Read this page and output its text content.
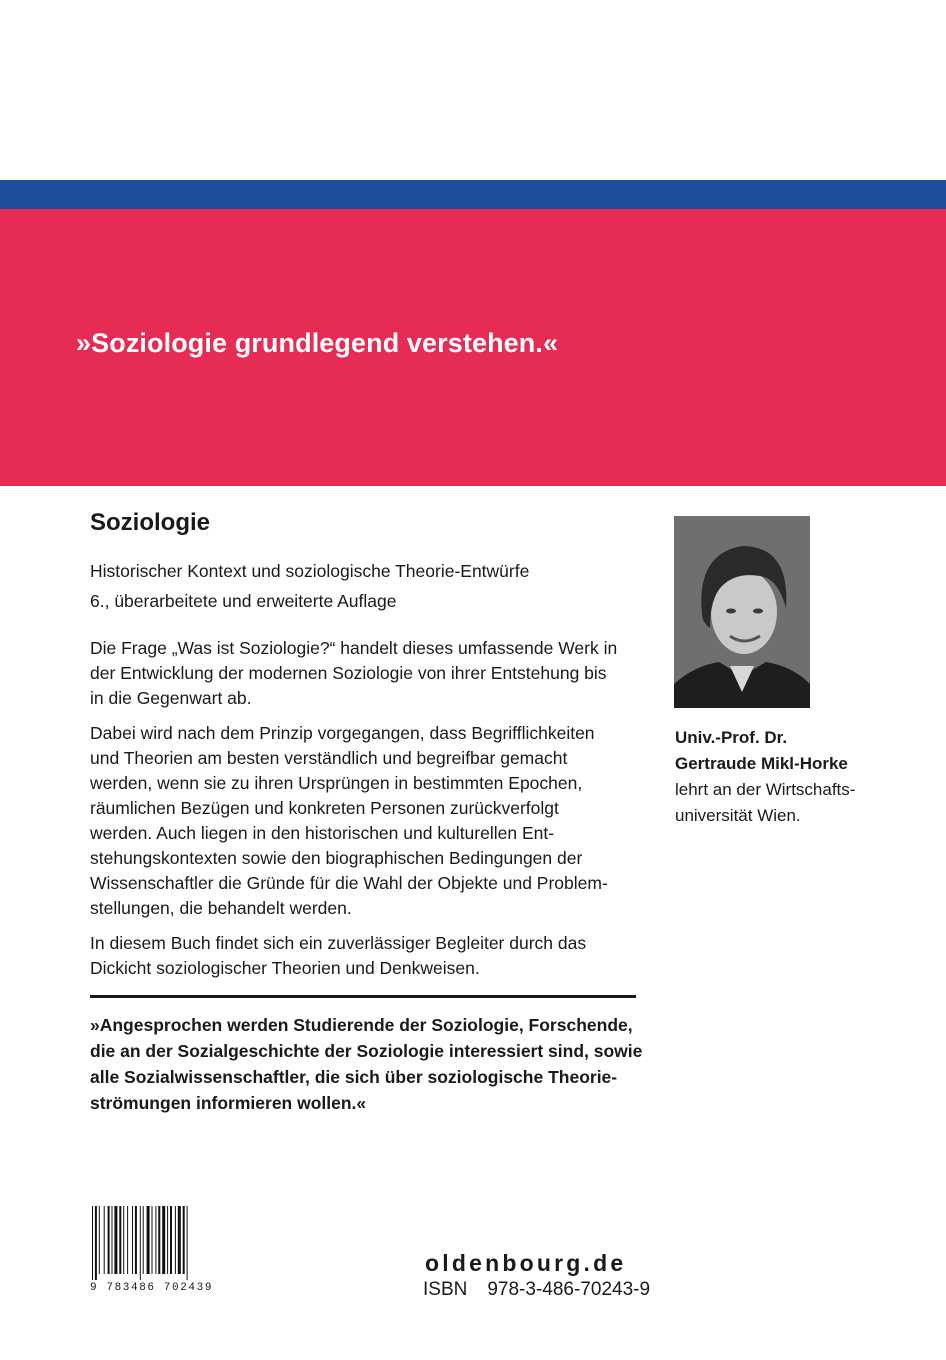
»Soziologie grundlegend verstehen.«
Soziologie
Historischer Kontext und soziologische Theorie-Entwürfe
6., überarbeitete und erweiterte Auflage

Die Frage „Was ist Soziologie?“ handelt dieses umfassende Werk in
der Entwicklung der modernen Soziologie von ihrer Entstehung bis
in die Gegenwart ab.

Dabei wird nach dem Prinzip vorgegangen, dass Begrifflichkeiten
und Theorien am besten verständlich und begreifbar gemacht
werden, wenn sie zu ihren Ursprüngen in bestimmten Epochen,
räumlichen Bezügen und konkreten Personen zurückverfolgt
werden. Auch liegen in den historischen und kulturellen Ent-
stehungskontexten sowie den biographischen Bedingungen der
Wissenschaftler die Gründe für die Wahl der Objekte und Problem-
stellungen, die behandelt werden.

In diesem Buch findet sich ein zuverlässiger Begleiter durch das
Dickicht soziologischer Theorien und Denkweisen.

»Angesprochen werden Studierende der Soziologie, Forschende,
die an der Sozialgeschichte der Soziologie interessiert sind, sowie
alle Sozialwissenschaftler, die sich über soziologische Theorie-
strömungen informieren wollen.«
Univ.-Prof. Dr.
Gertraude Mikl-Horke
lehrt an der Wirtschafts-
universität Wien.
9 783486 702439
oldenbourg.de
ISBN 978-3-486-70243-9
